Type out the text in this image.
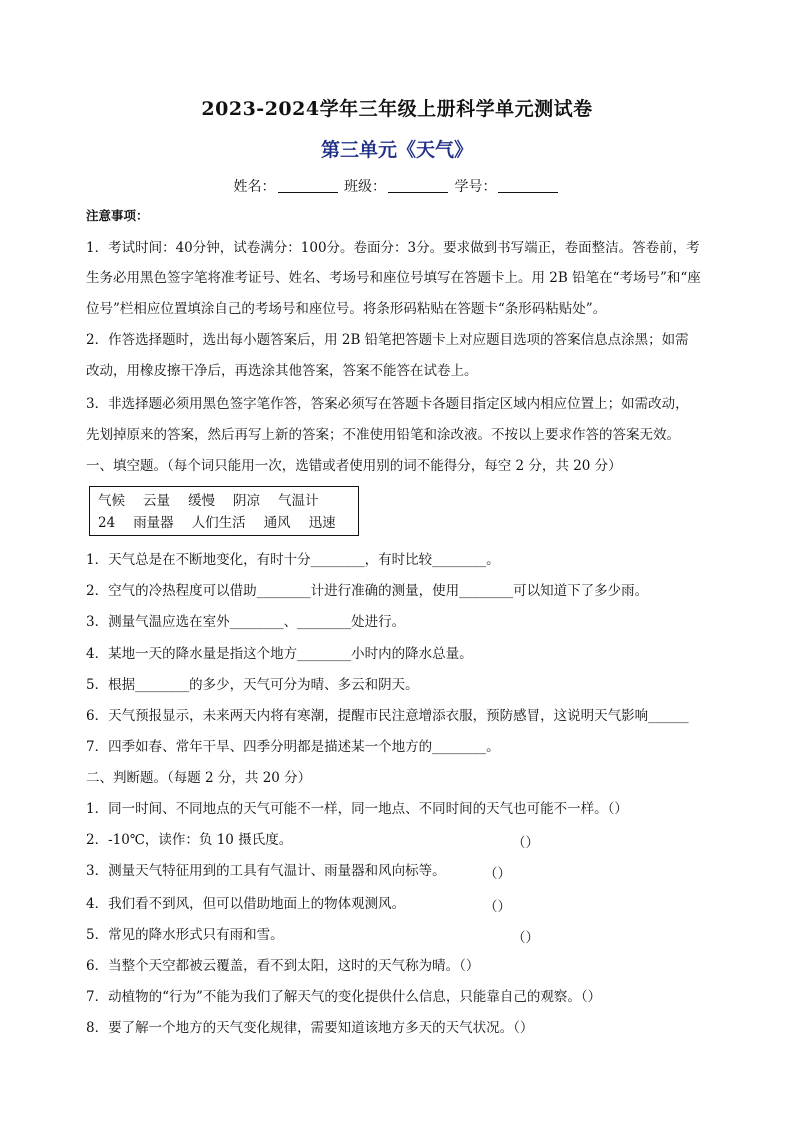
2023-2024学年三年级上册科学单元测试卷
第三单元《天气》
姓名：	班级：	学号：
注意事项：
1．考试时间：40分钟，试卷满分：100分。卷面分：3分。要求做到书写端正，卷面整洁。答卷前，考
生务必用黑色签字笔将准考证号、姓名、考场号和座位号填写在答题卡上。用 2B 铅笔在“考场号”和“座
位号”栏相应位置填涂自己的考场号和座位号。将条形码粘贴在答题卡“条形码粘贴处”。
2．作答选择题时，选出每小题答案后，用 2B 铅笔把答题卡上对应题目选项的答案信息点涂黑；如需
改动，用橡皮擦干净后，再选涂其他答案，答案不能答在试卷上。
3．非选择题必须用黑色签字笔作答，答案必须写在答题卡各题目指定区域内相应位置上；如需改动，
先划掉原来的答案，然后再写上新的答案；不准使用铅笔和涂改液。不按以上要求作答的答案无效。
一、填空题。（每个词只能用一次，选错或者使用别的词不能得分，每空 2 分，共 20 分）
1．天气总是在不断地变化，有时十分________，有时比较________。
2．空气的冷热程度可以借助________计进行准确的测量，使用________可以知道下了多少雨。
3．测量气温应选在室外________、________处进行。
4．某地一天的降水量是指这个地方________小时内的降水总量。
5．根据________的多少，天气可分为晴、多云和阴天。
6．天气预报显示，未来两天内将有寒潮，提醒市民注意增添衣服，预防感冒，这说明天气影响______
7．四季如春、常年干旱、四季分明都是描述某一个地方的________。
二、判断题。（每题 2 分，共 20 分）
1．同一时间、不同地点的天气可能不一样，同一地点、不同时间的天气也可能不一样。（）
2．-10℃，读作：负 10 摄氏度。
3．测量天气特征用到的工具有气温计、雨量器和风向标等。
4．我们看不到风，但可以借助地面上的物体观测风。
5．常见的降水形式只有雨和雪。
6．当整个天空都被云覆盖，看不到太阳，这时的天气称为晴。（）
7．动植物的“行为”不能为我们了解天气的变化提供什么信息，只能靠自己的观察。（）
8．要了解一个地方的天气变化规律，需要知道该地方多天的天气状况。（）
（）
（）
（）
（）
气候 云量 缓慢 阴凉 气温计
24 雨量器 人们生活 通风 迅速
